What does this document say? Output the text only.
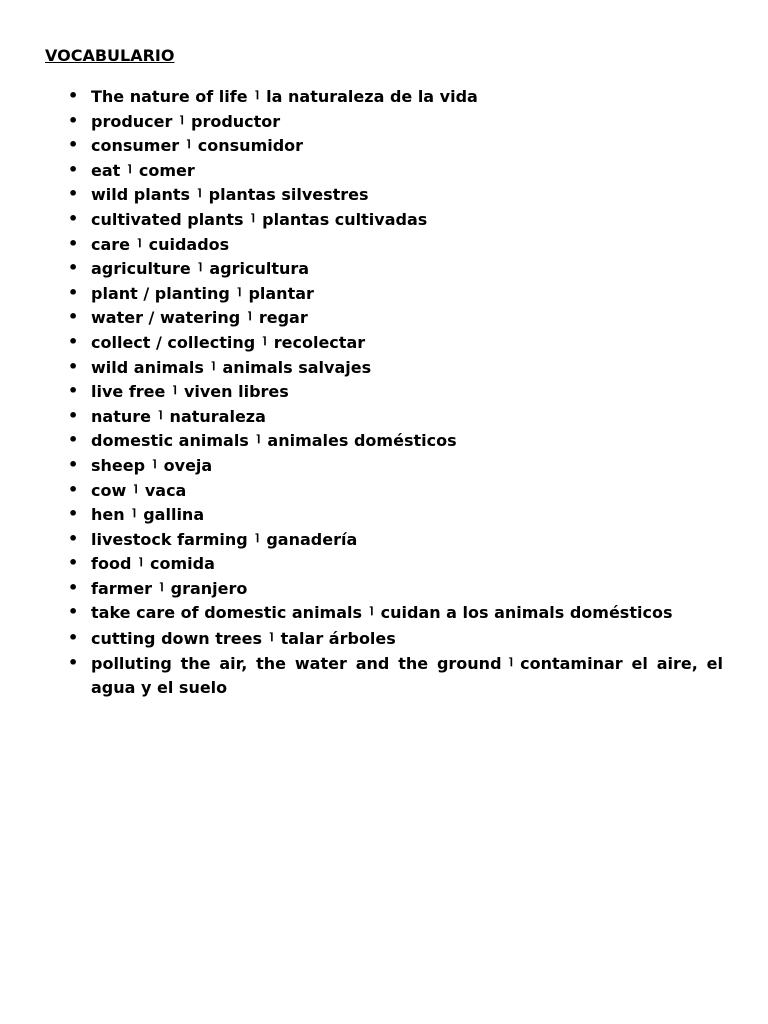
VOCABULARIO
• The nature of life ⌉ la naturaleza de la vida
• producer ⌉ productor
• consumer ⌉ consumidor
• eat ⌉ comer
• wild plants ⌉ plantas silvestres
• cultivated plants ⌉ plantas cultivadas
• care ⌉ cuidados
• agriculture ⌉ agricultura
• plant / planting ⌉ plantar
• water / watering ⌉ regar
• collect / collecting ⌉ recolectar
• wild animals ⌉ animals salvajes
• live free ⌉ viven libres
• nature ⌉ naturaleza
• domestic animals ⌉ animales domésticos
• sheep ⌉ oveja
• cow ⌉ vaca
• hen ⌉ gallina
• livestock farming ⌉ ganadería
• food ⌉ comida
• farmer ⌉ granjero
• take care of domestic animals ⌉ cuidan a los animals domésticos
• cutting down trees ⌉ talar árboles
• polluting the air, the water and the ground ⌉ contaminar el aire, el agua y el suelo
